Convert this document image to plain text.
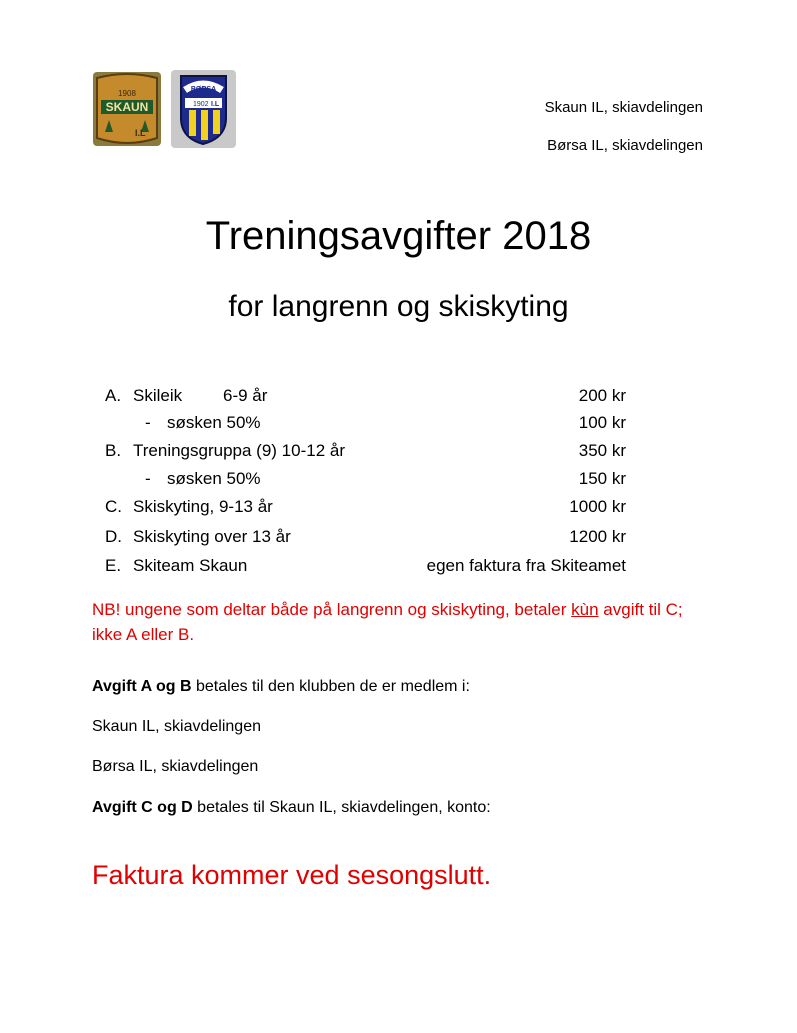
SKAUN
1908
I.L
BØRSA
1902 I.L	Skaun IL, skiavdelingen
Børsa IL, skiavdelingen
Treningsavgifter 2018
for langrenn og skiskyting
A. Skileik 6-9 år	200 kr
- søsken 50%	100 kr
B. Treningsgruppa (9) 10-12 år	350 kr
- søsken 50%	150 kr
C. Skiskyting, 9-13 år	1000 kr
D. Skiskyting over 13 år	1200 kr
E. Skiteam Skaun	egen faktura fra Skiteamet
NB! ungene som deltar både på langrenn og skiskyting, betaler kùn avgift til C; ikke A eller B.
Avgift A og B betales til den klubben de er medlem i:
Skaun IL, skiavdelingen
Børsa IL, skiavdelingen
Avgift C og D betales til Skaun IL, skiavdelingen, konto:
Faktura kommer ved sesongslutt.
